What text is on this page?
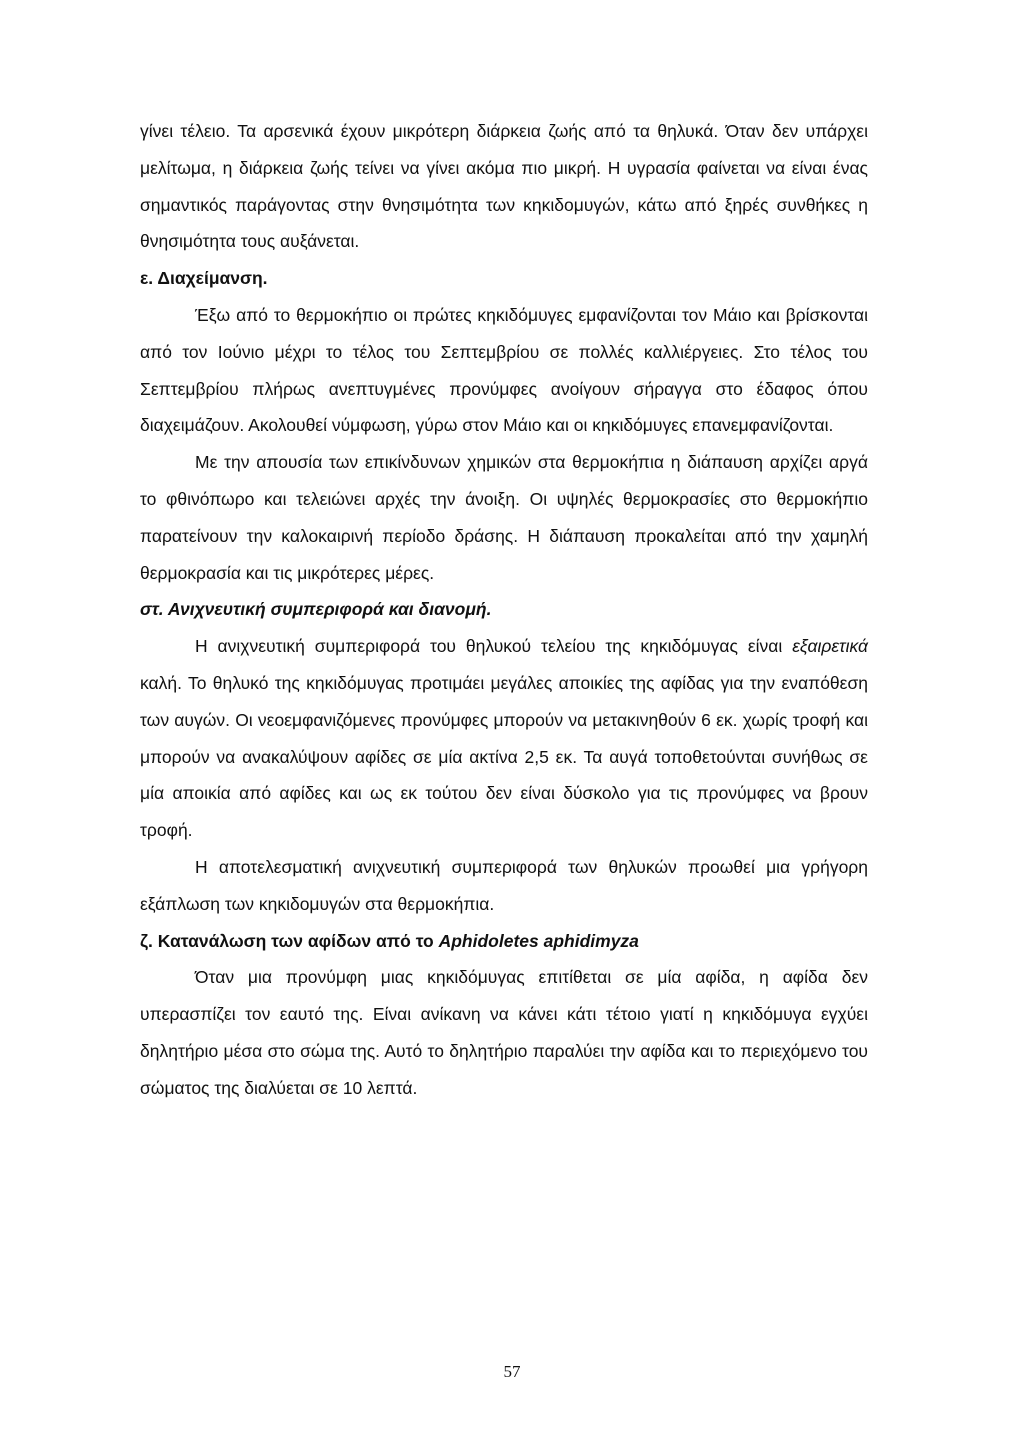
γίνει τέλειο. Τα αρσενικά έχουν μικρότερη διάρκεια ζωής από τα θηλυκά. Όταν δεν υπάρχει μελίτωμα, η διάρκεια ζωής τείνει να γίνει ακόμα πιο μικρή. Η υγρασία φαίνεται να είναι ένας σημαντικός παράγοντας στην θνησιμότητα των κηκιδομυγών, κάτω από ξηρές συνθήκες η θνησιμότητα τους αυξάνεται.

ε. Διαχείμανση.

Έξω από το θερμοκήπιο οι πρώτες κηκιδόμυγες εμφανίζονται τον Μάιο και βρίσκονται από τον Ιούνιο μέχρι το τέλος του Σεπτεμβρίου σε πολλές καλλιέργειες. Στο τέλος του Σεπτεμβρίου πλήρως ανεπτυγμένες προνύμφες ανοίγουν σήραγγα στο έδαφος όπου διαχειμάζουν. Ακολουθεί νύμφωση, γύρω στον Μάιο και οι κηκιδόμυγες επανεμφανίζονται.

Με την απουσία των επικίνδυνων χημικών στα θερμοκήπια η διάπαυση αρχίζει αργά το φθινόπωρο και τελειώνει αρχές την άνοιξη. Οι υψηλές θερμοκρασίες στο θερμοκήπιο παρατείνουν την καλοκαιρινή περίοδο δράσης. Η διάπαυση προκαλείται από την χαμηλή θερμοκρασία και τις μικρότερες μέρες.

στ. Ανιχνευτική συμπεριφορά και διανομή.

Η ανιχνευτική συμπεριφορά του θηλυκού τελείου της κηκιδόμυγας είναι εξαιρετικά καλή. Το θηλυκό της κηκιδόμυγας προτιμάει μεγάλες αποικίες της αφίδας για την εναπόθεση των αυγών. Οι νεοεμφανιζόμενες προνύμφες μπορούν να μετακινηθούν 6 εκ. χωρίς τροφή και μπορούν να ανακαλύψουν αφίδες σε μία ακτίνα 2,5 εκ. Τα αυγά τοποθετούνται συνήθως σε μία αποικία από αφίδες και ως εκ τούτου δεν είναι δύσκολο για τις προνύμφες να βρουν τροφή.

Η αποτελεσματική ανιχνευτική συμπεριφορά των θηλυκών προωθεί μια γρήγορη εξάπλωση των κηκιδομυγών στα θερμοκήπια.

ζ. Κατανάλωση των αφίδων από το Aphidoletes aphidimyza

Όταν μια προνύμφη μιας κηκιδόμυγας επιτίθεται σε μία αφίδα, η αφίδα δεν υπερασπίζει τον εαυτό της. Είναι ανίκανη να κάνει κάτι τέτοιο γιατί η κηκιδόμυγα εγχύει δηλητήριο μέσα στο σώμα της. Αυτό το δηλητήριο παραλύει την αφίδα και το περιεχόμενο του σώματος της διαλύεται σε 10 λεπτά.

57
